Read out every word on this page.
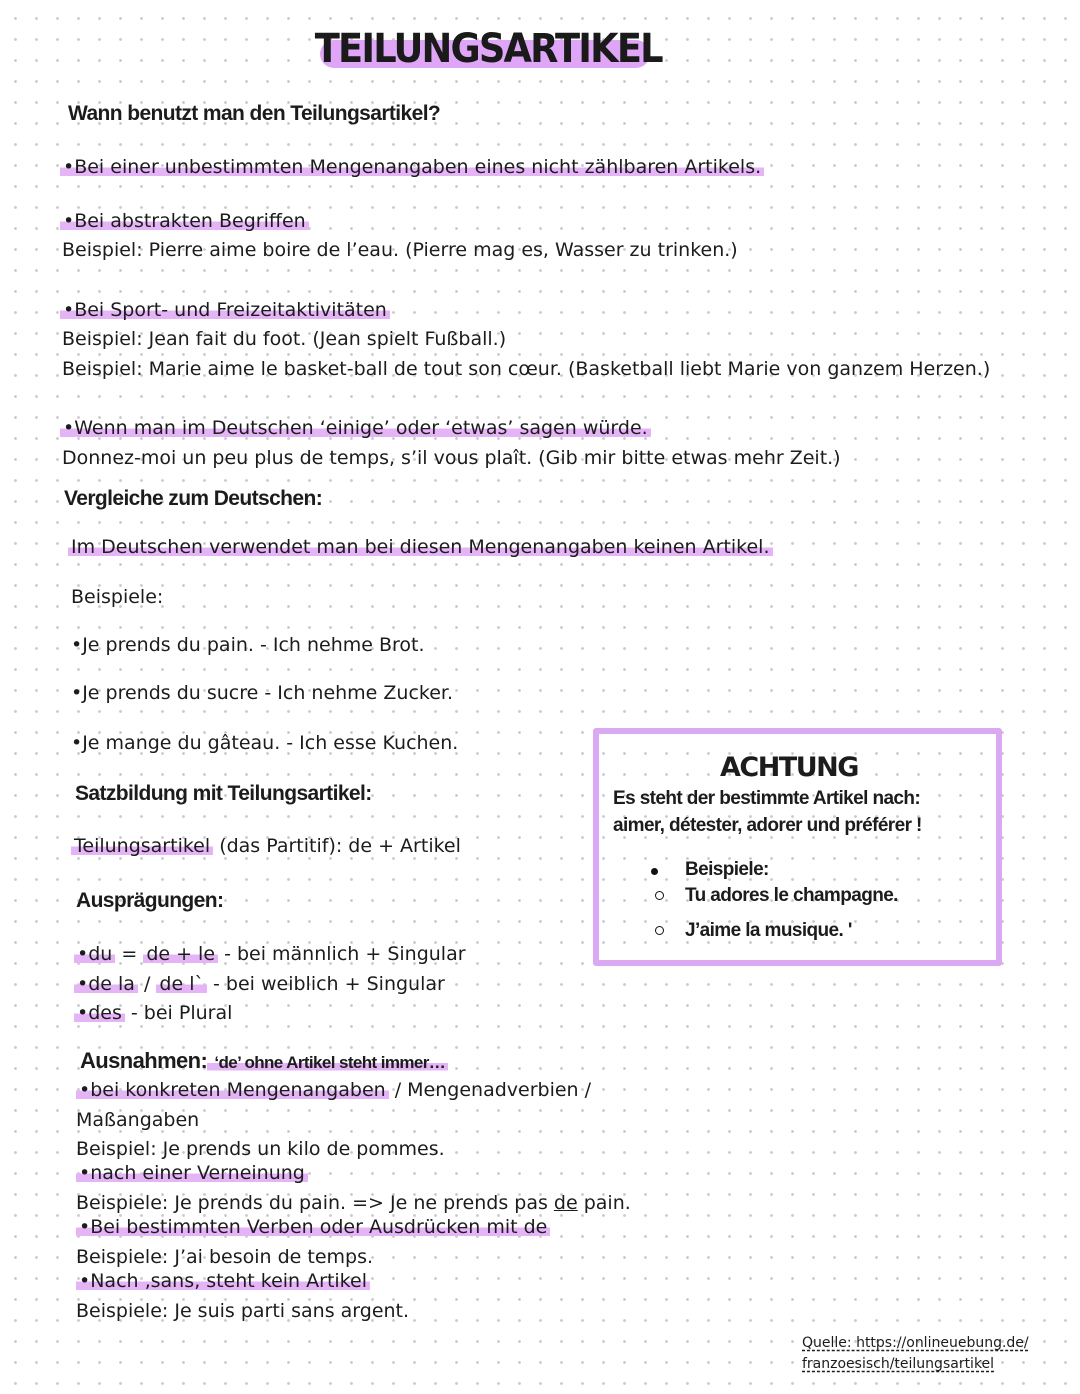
TEILUNGSARTIKEL
Wann benutzt man den Teilungsartikel?
•Bei einer unbestimmten Mengenangaben eines nicht zählbaren Artikels.
•Bei abstrakten Begriffen
Beispiel: Pierre aime boire de l’eau. (Pierre mag es, Wasser zu trinken.)
•Bei Sport- und Freizeitaktivitäten
Beispiel: Jean fait du foot. (Jean spielt Fußball.)
Beispiel: Marie aime le basket-ball de tout son cœur. (Basketball liebt Marie von ganzem Herzen.)
•Wenn man im Deutschen ‘einige’ oder ‘etwas’ sagen würde.
Donnez-moi un peu plus de temps, s’il vous plaît. (Gib mir bitte etwas mehr Zeit.)
Vergleiche zum Deutschen:
Im Deutschen verwendet man bei diesen Mengenangaben keinen Artikel.
Beispiele:
•Je prends du pain. - Ich nehme Brot.
•Je prends du sucre - Ich nehme Zucker.
•Je mange du gâteau. - Ich esse Kuchen.
Satzbildung mit Teilungsartikel:
Teilungsartikel (das Partitif): de + Artikel
Ausprägungen:
•du = de + le - bei männlich + Singular
•de la / de l` - bei weiblich + Singular
•des - bei Plural
Ausnahmen: ‘de’ ohne Artikel steht immer…
•bei konkreten Mengenangaben / Mengenadverbien /
Maßangaben
Beispiel: Je prends un kilo de pommes.
•nach einer Verneinung
Beispiele: Je prends du pain. => Je ne prends pas de pain.
•Bei bestimmten Verben oder Ausdrücken mit de
Beispiele: J’ai besoin de temps.
•Nach ‚sans‚ steht kein Artikel
Beispiele: Je suis parti sans argent.
ACHTUNG
Es steht der bestimmte Artikel nach:
aimer, détester, adorer und préférer !
Beispiele:
Tu adores le champagne.
J’aime la musique. '
Quelle: https://onlineuebung.de/
franzoesisch/teilungsartikel
